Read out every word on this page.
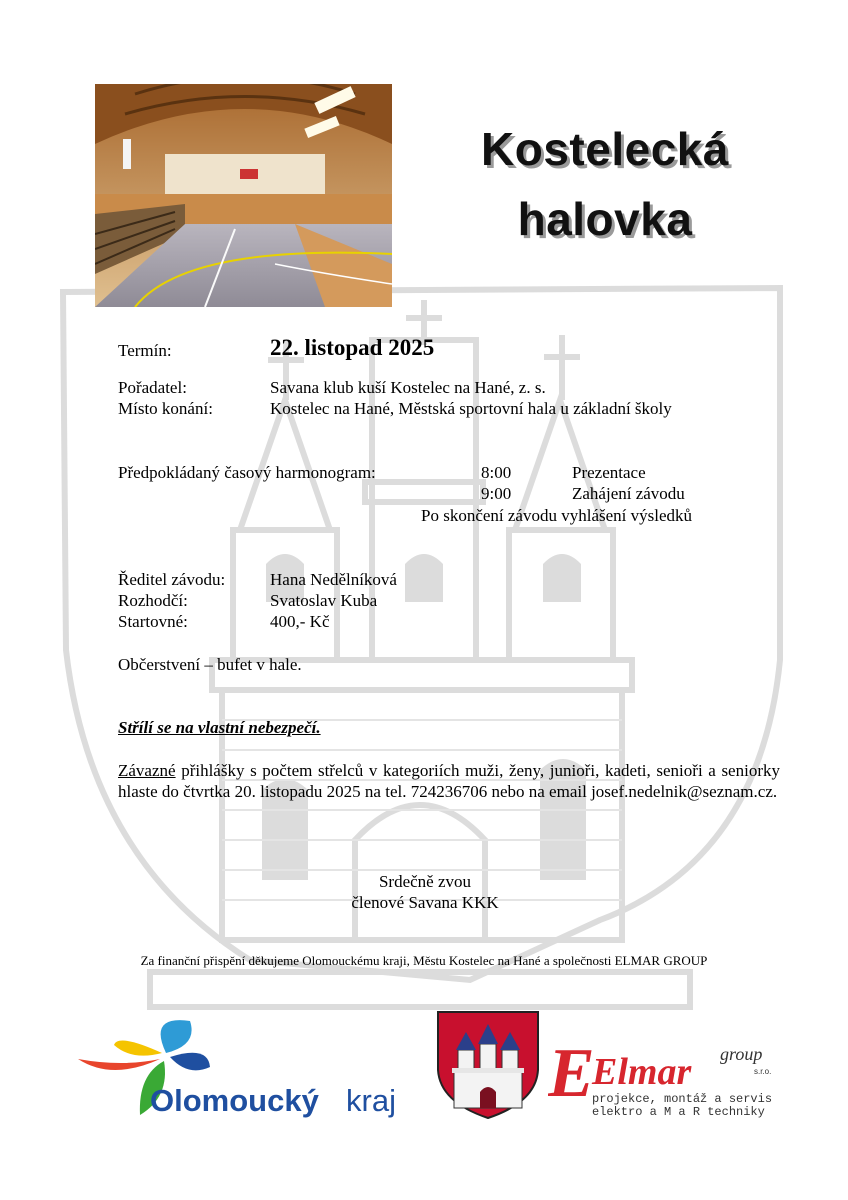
Kostelecká
halovka
Termín:	22. listopad 2025
Pořadatel:	Savana klub kuší Kostelec na Hané, z. s.
Místo konání:	Kostelec na Hané, Městská sportovní hala u základní školy
Předpokládaný časový harmonogram:	8:00	Prezentace
9:00	Zahájení závodu
Po skončení závodu vyhlášení výsledků
Ředitel závodu:	Hana Nedělníková
Rozhodčí:	Svatoslav Kuba
Startovné:	400,- Kč
Občerstvení – bufet v hale.
Střílí se na vlastní nebezpečí.
Závazné přihlášky s počtem střelců v kategoriích muži, ženy, junioři, kadeti, senioři a seniorky hlaste do čtvrtka 20. listopadu 2025 na tel. 724236706 nebo na email josef.nedelnik@seznam.cz.
Srdečně zvou
členové Savana KKK
Za finanční přispění děkujeme Olomouckému kraji, Městu Kostelec na Hané a společnosti ELMAR GROUP
Olomoucký kraj E
Elmar group
s.r.o.
projekce, montáž a servis
elektro a M a R techniky
